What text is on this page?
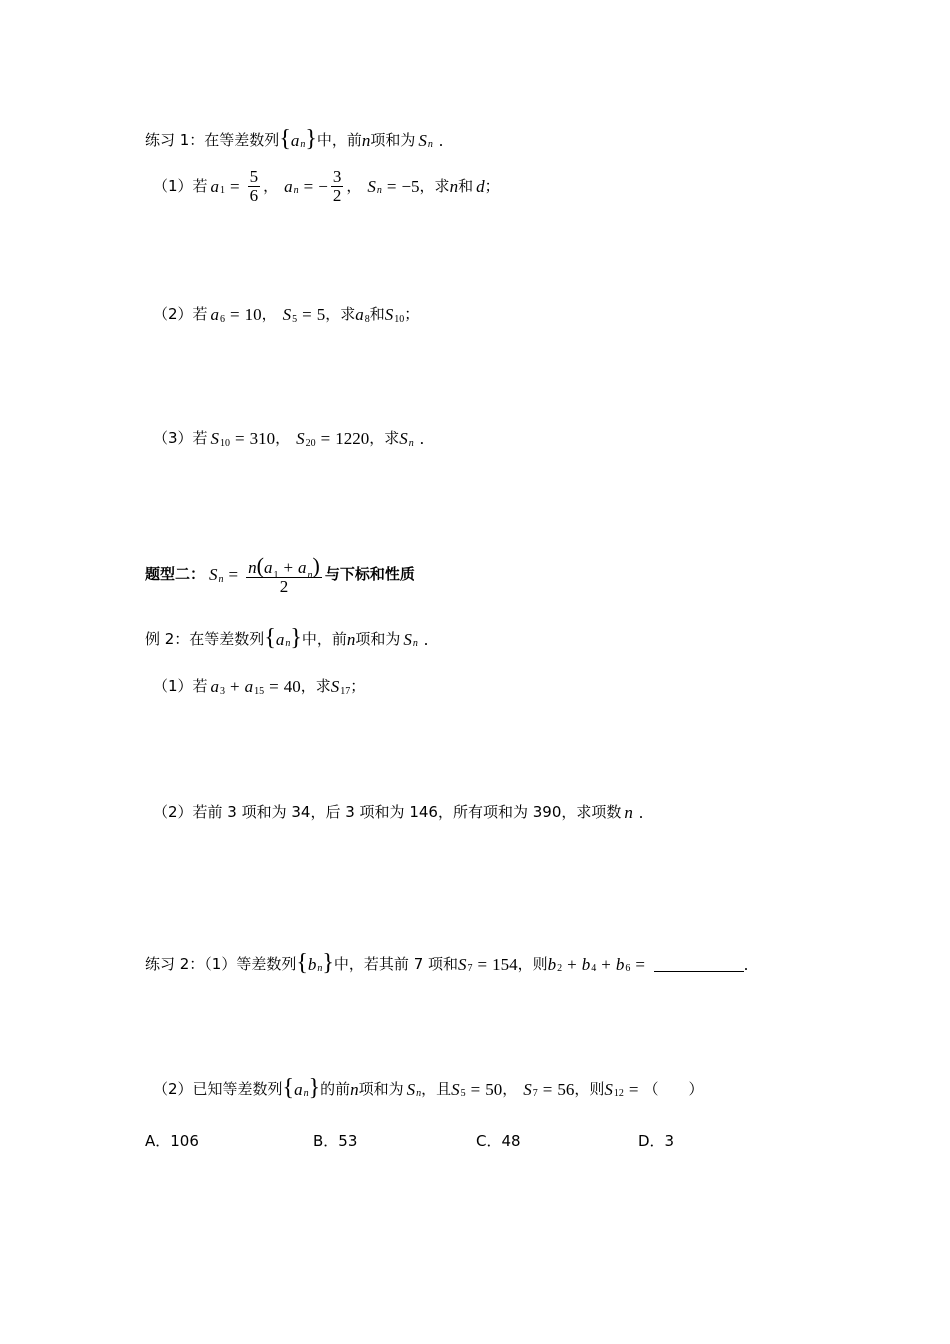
练习 1：在等差数列 { a n } 中，前 n 项和为 S n .
（1）若 a $1 = \frac{5}{6}$ ， a n = − $\frac{3}{2}$ ， S n = −5 ，求 n 和 d ；
（2）若 a 6 = 10 ， S 5 = 5 ，求 a 8 和 S 10 ；
（3）若 S 10 = 310 ， S 20 = 1220 ，求 S n .
题型二： S $n = \frac{n(a_1 + a_n)}{2}$ 与下标和性质
例 2：在等差数列 { a n } 中，前 n 项和为 S n .
（1）若 a 3 + a 15 = 40 ，求 S 17 ；
（2）若前 3 项和为 34，后 3 项和为 146，所有项和为 390，求项数 n .
练习 2：（1）等差数列 { b n } 中，若其前 7 项和 S 7 = 154 ，则 b 2 + b 4 + b 6 =	.
（2）已知等差数列 { a n } 的前 n 项和为 S n ，且 S 5 = 50 ， S 7 = 56 ，则 S 12 = （　　）
A．106	B．53	C．48	D．3
